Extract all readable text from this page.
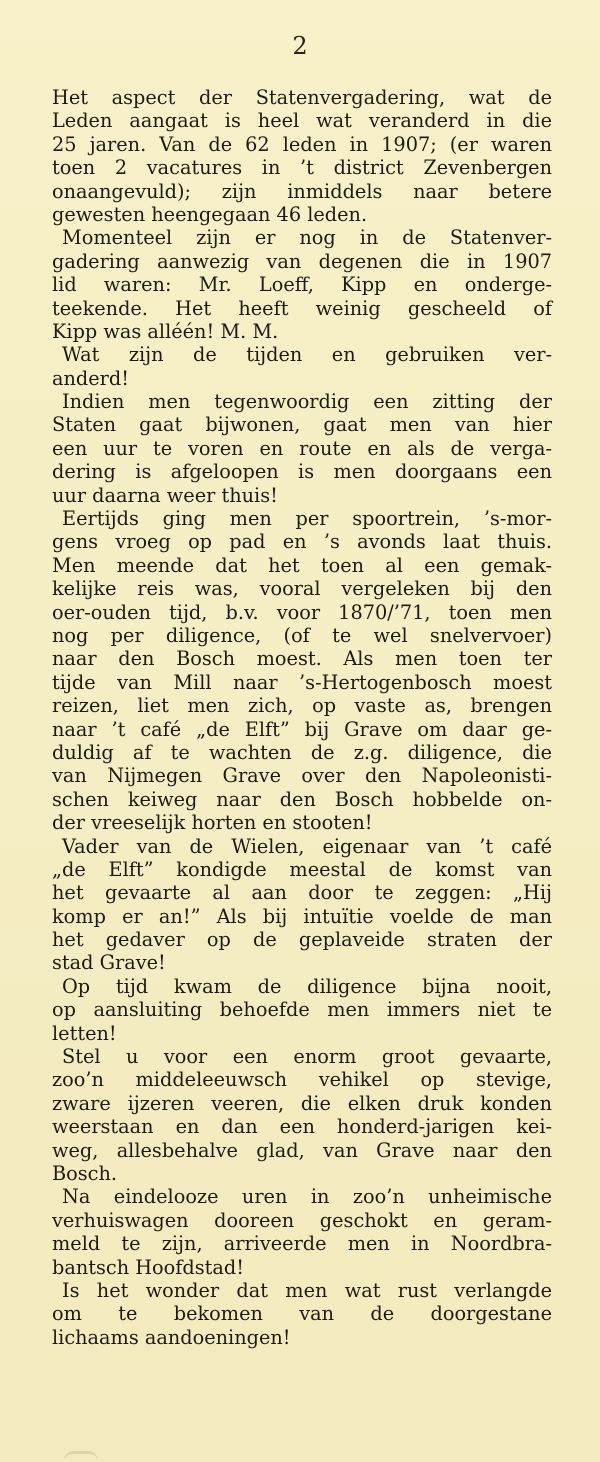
2
Het aspect der Statenvergadering, wat de
Leden aangaat is heel wat veranderd in die
25 jaren. Van de 62 leden in 1907; (er waren
toen 2 vacatures in ’t district Zevenbergen
onaangevuld); zijn inmiddels naar betere
gewesten heengegaan 46 leden.
Momenteel zijn er nog in de Statenver-
gadering aanwezig van degenen die in 1907
lid waren: Mr. Loeff, Kipp en onderge-
teekende. Het heeft weinig gescheeld of
Kipp was alléén! M. M.
Wat zijn de tijden en gebruiken ver-
anderd!
Indien men tegenwoordig een zitting der
Staten gaat bijwonen, gaat men van hier
een uur te voren en route en als de verga-
dering is afgeloopen is men doorgaans een
uur daarna weer thuis!
Eertijds ging men per spoortrein, ’s-mor-
gens vroeg op pad en ’s avonds laat thuis.
Men meende dat het toen al een gemak-
kelijke reis was, vooral vergeleken bij den
oer-ouden tijd, b.v. voor 1870/’71, toen men
nog per diligence, (of te wel snelvervoer)
naar den Bosch moest. Als men toen ter
tijde van Mill naar ’s-Hertogenbosch moest
reizen, liet men zich, op vaste as, brengen
naar ’t café „de Elft” bij Grave om daar ge-
duldig af te wachten de z.g. diligence, die
van Nijmegen Grave over den Napoleonisti-
schen keiweg naar den Bosch hobbelde on-
der vreeselijk horten en stooten!
Vader van de Wielen, eigenaar van ’t café
„de Elft” kondigde meestal de komst van
het gevaarte al aan door te zeggen: „Hij
komp er an!” Als bij intuïtie voelde de man
het gedaver op de geplaveide straten der
stad Grave!
Op tijd kwam de diligence bijna nooit,
op aansluiting behoefde men immers niet te
letten!
Stel u voor een enorm groot gevaarte,
zoo’n middeleeuwsch vehikel op stevige,
zware ijzeren veeren, die elken druk konden
weerstaan en dan een honderd-jarigen kei-
weg, allesbehalve glad, van Grave naar den
Bosch.
Na eindelooze uren in zoo’n unheimische
verhuiswagen dooreen geschokt en geram-
meld te zijn, arriveerde men in Noordbra-
bantsch Hoofdstad!
Is het wonder dat men wat rust verlangde
om te bekomen van de doorgestane
lichaams aandoeningen!
